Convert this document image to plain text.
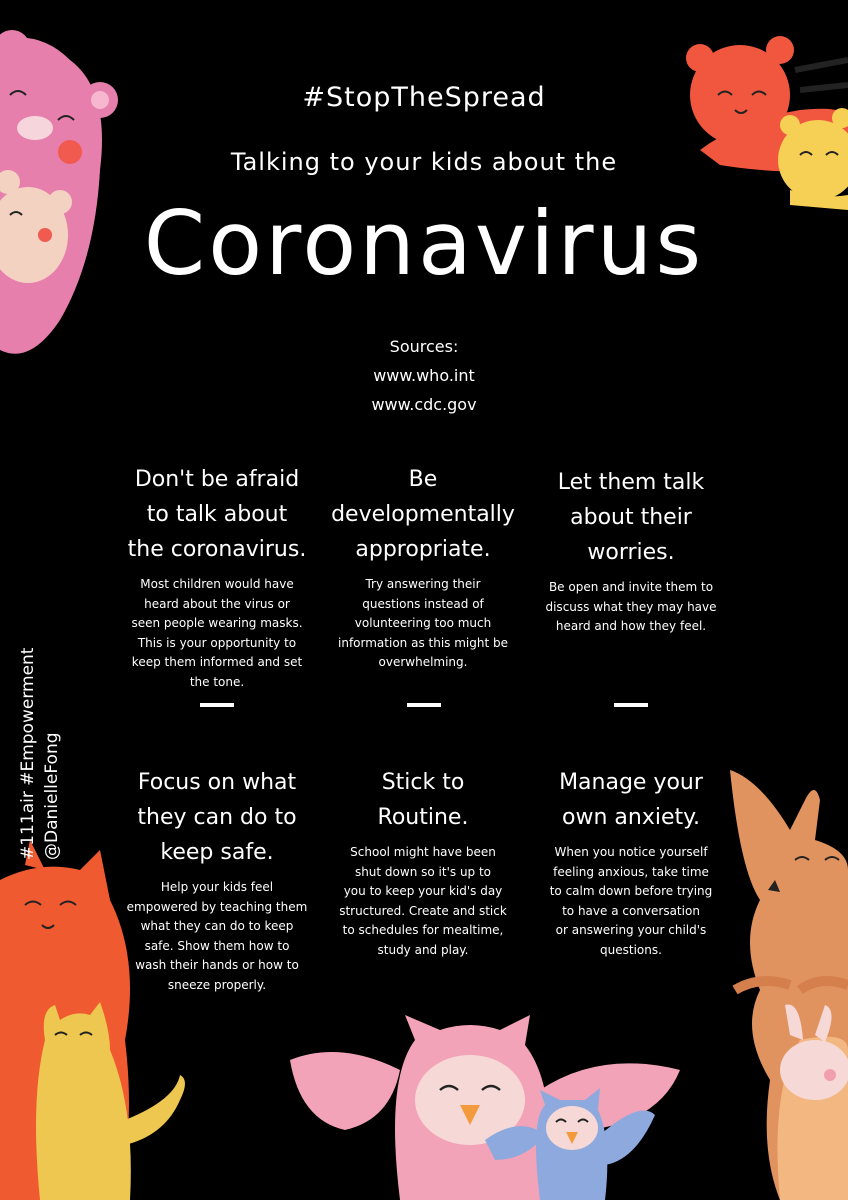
#StopTheSpread
Talking to your kids about the
Coronavirus
Sources:
www.who.int
www.cdc.gov
Don't be afraid
to talk about
the coronavirus.

Most children would have
heard about the virus or
seen people wearing masks.
This is your opportunity to
keep them informed and set
the tone.

Be
developmentally
appropriate.

Try answering their
questions instead of
volunteering too much
information as this might be
overwhelming.

Let them talk
about their
worries.

Be open and invite them to
discuss what they may have
heard and how they feel.

Focus on what
they can do to
keep safe.

Help your kids feel
empowered by teaching them
what they can do to keep
safe. Show them how to
wash their hands or how to
sneeze properly.

Stick to
Routine.

School might have been
shut down so it's up to
you to keep your kid's day
structured. Create and stick
to schedules for mealtime,
study and play.

Manage your
own anxiety.

When you notice yourself
feeling anxious, take time
to calm down before trying
to have a conversation
or answering your child's
questions.

#111air #Empowerment @DanielleFong
